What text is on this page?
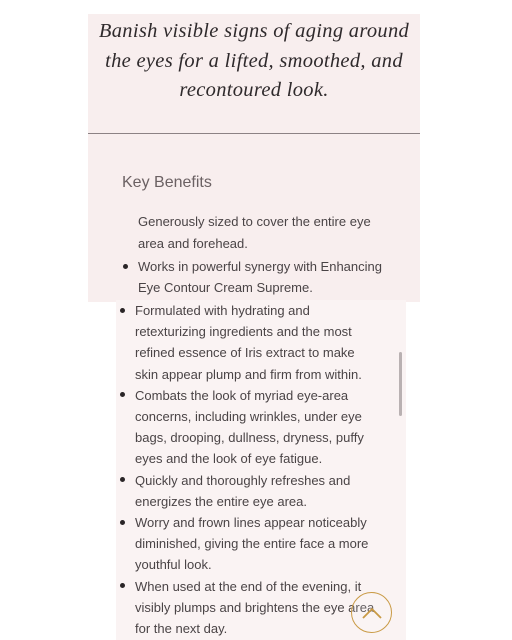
Banish visible signs of aging around the eyes for a lifted, smoothed, and recontoured look.

Key Benefits
Generously sized to cover the entire eye area and forehead.
Works in powerful synergy with Enhancing Eye Contour Cream Supreme.
Formulated with hydrating and retexturizing ingredients and the most refined essence of Iris extract to make skin appear plump and firm from within.
Combats the look of myriad eye-area concerns, including wrinkles, under eye bags, drooping, dullness, dryness, puffy eyes and the look of eye fatigue.
Quickly and thoroughly refreshes and energizes the entire eye area.
Worry and frown lines appear noticeably diminished, giving the entire face a more youthful look.
When used at the end of the evening, it visibly plumps and brightens the eye area for the next day.
